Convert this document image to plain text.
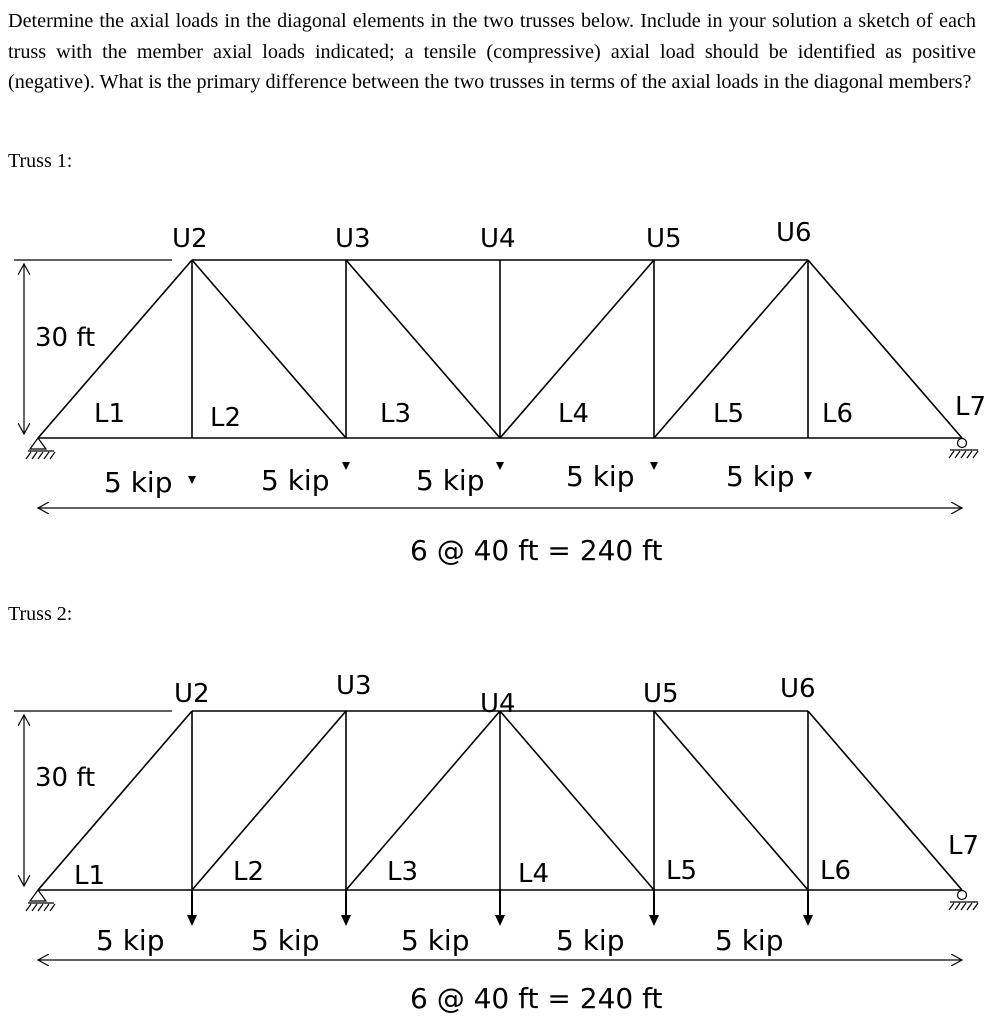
Determine the axial loads in the diagonal elements in the two trusses below. Include in your solution a sketch of each truss with the member axial loads indicated; a tensile (compressive) axial load should be identified as positive (negative). What is the primary difference between the two trusses in terms of the axial loads in the diagonal members?
Truss 1:
Truss 2:
30 ft
U2	U3	U4	U5	U6
L1	L2	L3	L4	L5	L6	L7
5 kip	5 kip	5 kip	5 kip	5 kip
6 @ 40 ft = 240 ft
30 ft
U2	U3
U4	U5	U6
L1	L2	L3	L4	L5	L6
L7
5 kip	5 kip	5 kip	5 kip	5 kip
6 @ 40 ft = 240 ft
